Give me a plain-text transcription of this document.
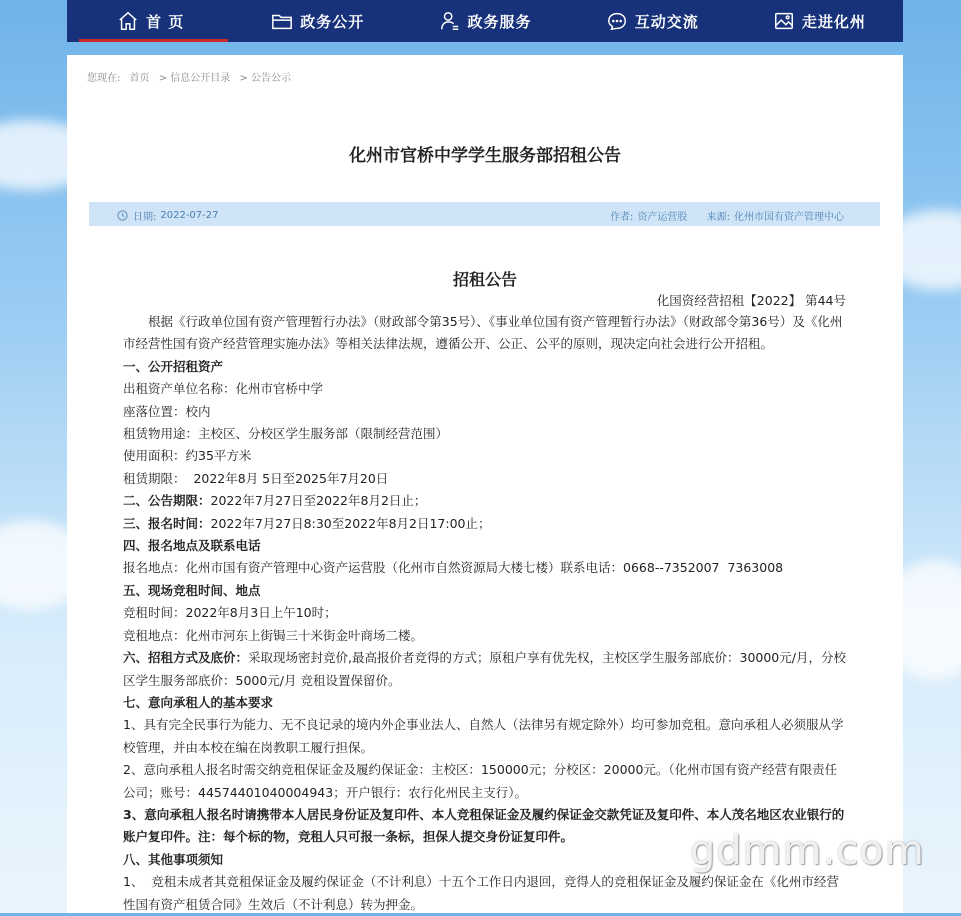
首 页	政务公开	政务服务	互动交流	走进化州
您现在: 首页 > 信息公开目录 > 公告公示
化州市官桥中学学生服务部招租公告
日期: 2022-07-27	作者: 资产运营股 来源: 化州市国有资产管理中心
招租公告
化国资经营招租【2022】 第44号

根据《行政单位国有资产管理暂行办法》（财政部令第35号）、《事业单位国有资产管理暂行办法》（财政部令第36号）及《化州市经营性国有资产经营管理实施办法》等相关法律法规，遵循公开、公正、公平的原则，现决定向社会进行公开招租。

一、公开招租资产

出租资产单位名称：化州市官桥中学

座落位置：校内

租赁物用途：主校区、分校区学生服务部（限制经营范围）

使用面积：约35平方米

租赁期限：  2022年8月 5日至2025年7月20日

二、公告期限：2022年7月27日至2022年8月2日止；

三、报名时间：2022年7月27日8:30至2022年8月2日17:00止；

四、报名地点及联系电话

报名地点：化州市国有资产管理中心资产运营股（化州市自然资源局大楼七楼）联系电话：0668--7352007  7363008

五、现场竞租时间、地点

竞租时间：2022年8月3日上午10时；

竞租地点：化州市河东上街锔三十米街金叶商场二楼。

六、招租方式及底价：采取现场密封竞价,最高报价者竞得的方式；原租户享有优先权，主校区学生服务部底价：30000元/月，分校区学生服务部底价：5000元/月 竞租设置保留价。

七、意向承租人的基本要求

1、具有完全民事行为能力、无不良记录的境内外企事业法人、自然人（法律另有规定除外）均可参加竞租。意向承租人必须服从学校管理，并由本校在编在岗教职工履行担保。

2、意向承租人报名时需交纳竞租保证金及履约保证金：主校区：150000元；分校区：20000元。（化州市国有资产经营有限责任公司；账号：44574401040004943；开户银行：农行化州民主支行）。

3、意向承租人报名时请携带本人居民身份证及复印件、本人竞租保证金及履约保证金交款凭证及复印件、本人茂名地区农业银行的账户复印件。注：每个标的物，竞租人只可报一条标，担保人提交身份证复印件。

八、其他事项须知

1、  竞租未成者其竞租保证金及履约保证金（不计利息）十五个工作日内退回，竞得人的竞租保证金及履约保证金在《化州市经营性国有资产租赁合同》生效后（不计利息）转为押金。

gdmm.com
